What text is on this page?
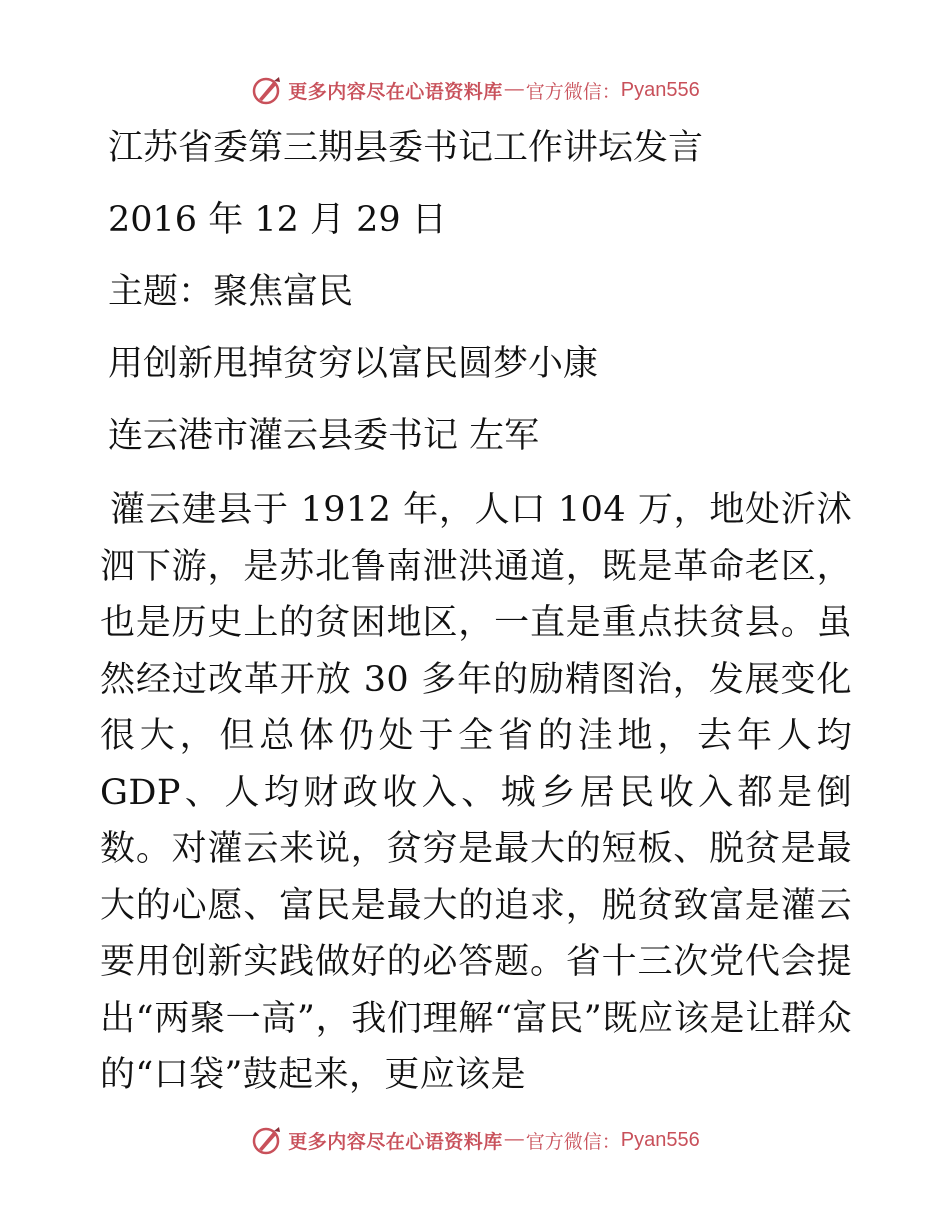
更多内容尽在心语资料库 — 官方微信： Pyan556
江苏省委第三期县委书记工作讲坛发言
2016 年 12 月 29 日
主题：聚焦富民
用创新甩掉贫穷以富民圆梦小康
连云港市灌云县委书记 左军
灌云建县于 1912 年，人口 104 万，地处沂沭泗下游，是苏北鲁南泄洪通道，既是革命老区，也是历史上的贫困地区，一直是重点扶贫县。虽然经过改革开放 30 多年的励精图治，发展变化很大，但总体仍处于全省的洼地，去年人均 GDP、人均财政收入、城乡居民收入都是倒数。对灌云来说，贫穷是最大的短板、脱贫是最大的心愿、富民是最大的追求，脱贫致富是灌云要用创新实践做好的必答题。省十三次党代会提出“两聚一高”，我们理解“富民”既应该是让群众的“口袋”鼓起来，更应该是
更多内容尽在心语资料库 — 官方微信： Pyan556
